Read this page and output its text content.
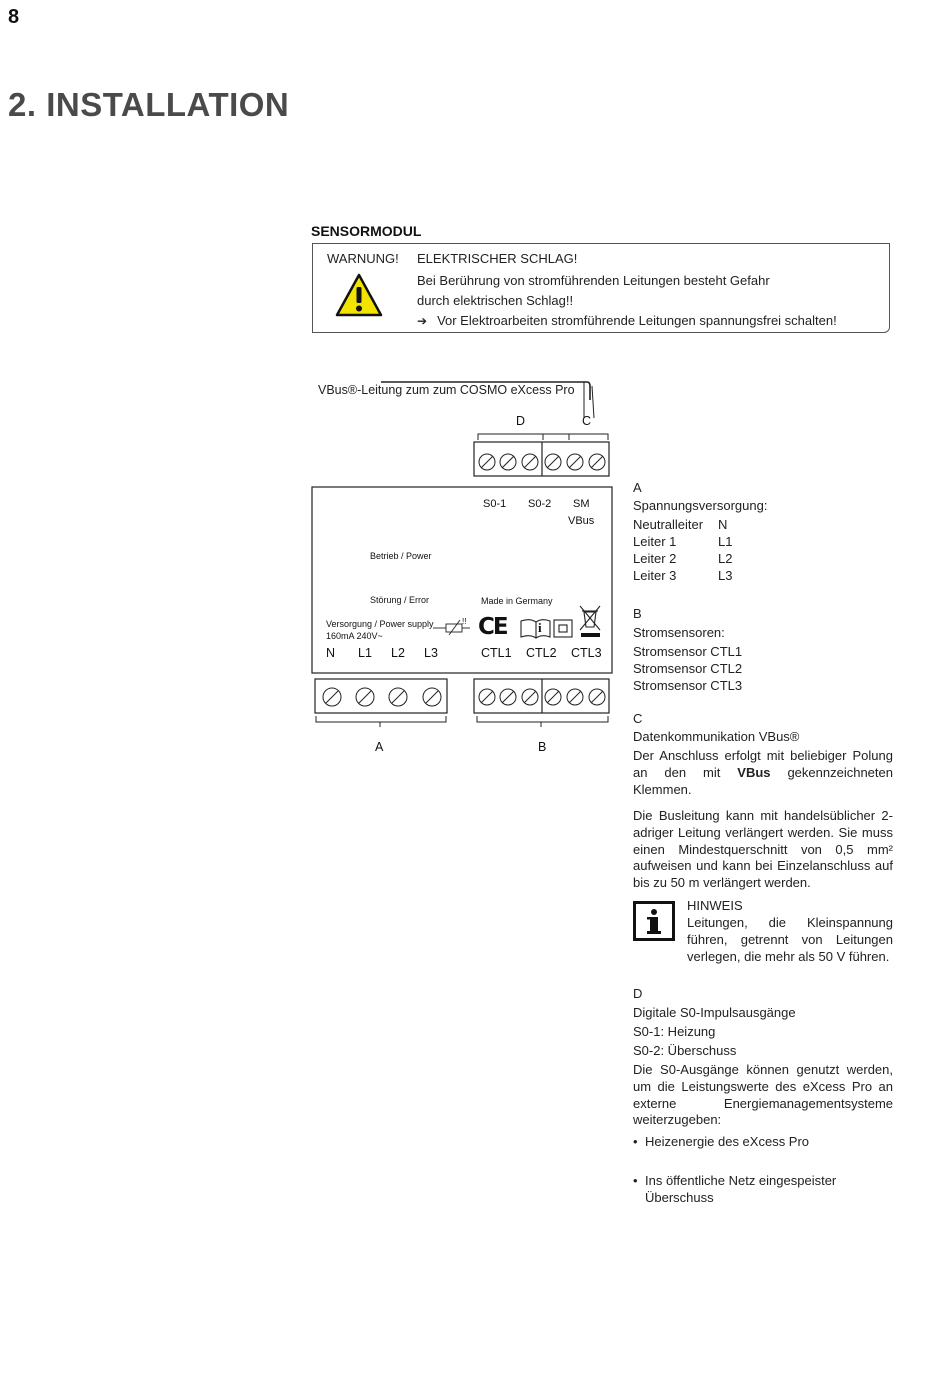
8
2. INSTALLATION
SENSORMODUL
WARNUNG! ELEKTRISCHER SCHLAG!
Bei Berührung von stromführenden Leitungen besteht Gefahr
durch elektrischen Schlag!!
➔ Vor Elektroarbeiten stromführende Leitungen spannungsfrei schalten!
VBus®-Leitung zum zum COSMO eXcess Pro
D	C
S0-1 S0-2 SM
VBus
Betrieb / Power
Störung / Error	Made in Germany
Versorgung / Power supply
160mA 240V~
!! CE i
N L1 L2 L3	CTL1 CTL2 CTL3
A	B
A
Spannungsversorgung:
Neutralleiter N
Leiter 1	L1
Leiter 2	L2
Leiter 3	L3
B
Stromsensoren:
Stromsensor CTL1
Stromsensor CTL2
Stromsensor CTL3
C
Datenkommunikation VBus®
Der Anschluss erfolgt mit beliebiger Polung an den mit VBus gekennzeichneten Klemmen.
Die Busleitung kann mit handelsüblicher 2-adriger Leitung verlängert werden. Sie muss einen Mindestquerschnitt von 0,5 mm² aufweisen und kann bei Einzelanschluss auf bis zu 50 m verlängert werden.
HINWEIS
Leitungen, die Kleinspannung führen, getrennt von Leitungen verlegen, die mehr als 50 V führen.
D
Digitale S0-Impulsausgänge
S0-1: Heizung
S0-2: Überschuss
Die S0-Ausgänge können genutzt werden, um die Leistungswerte des eXcess Pro an externe Energiemanagementsysteme weiterzugeben:
• Heizenergie des eXcess Pro
• Ins öffentliche Netz eingespeister Überschuss
